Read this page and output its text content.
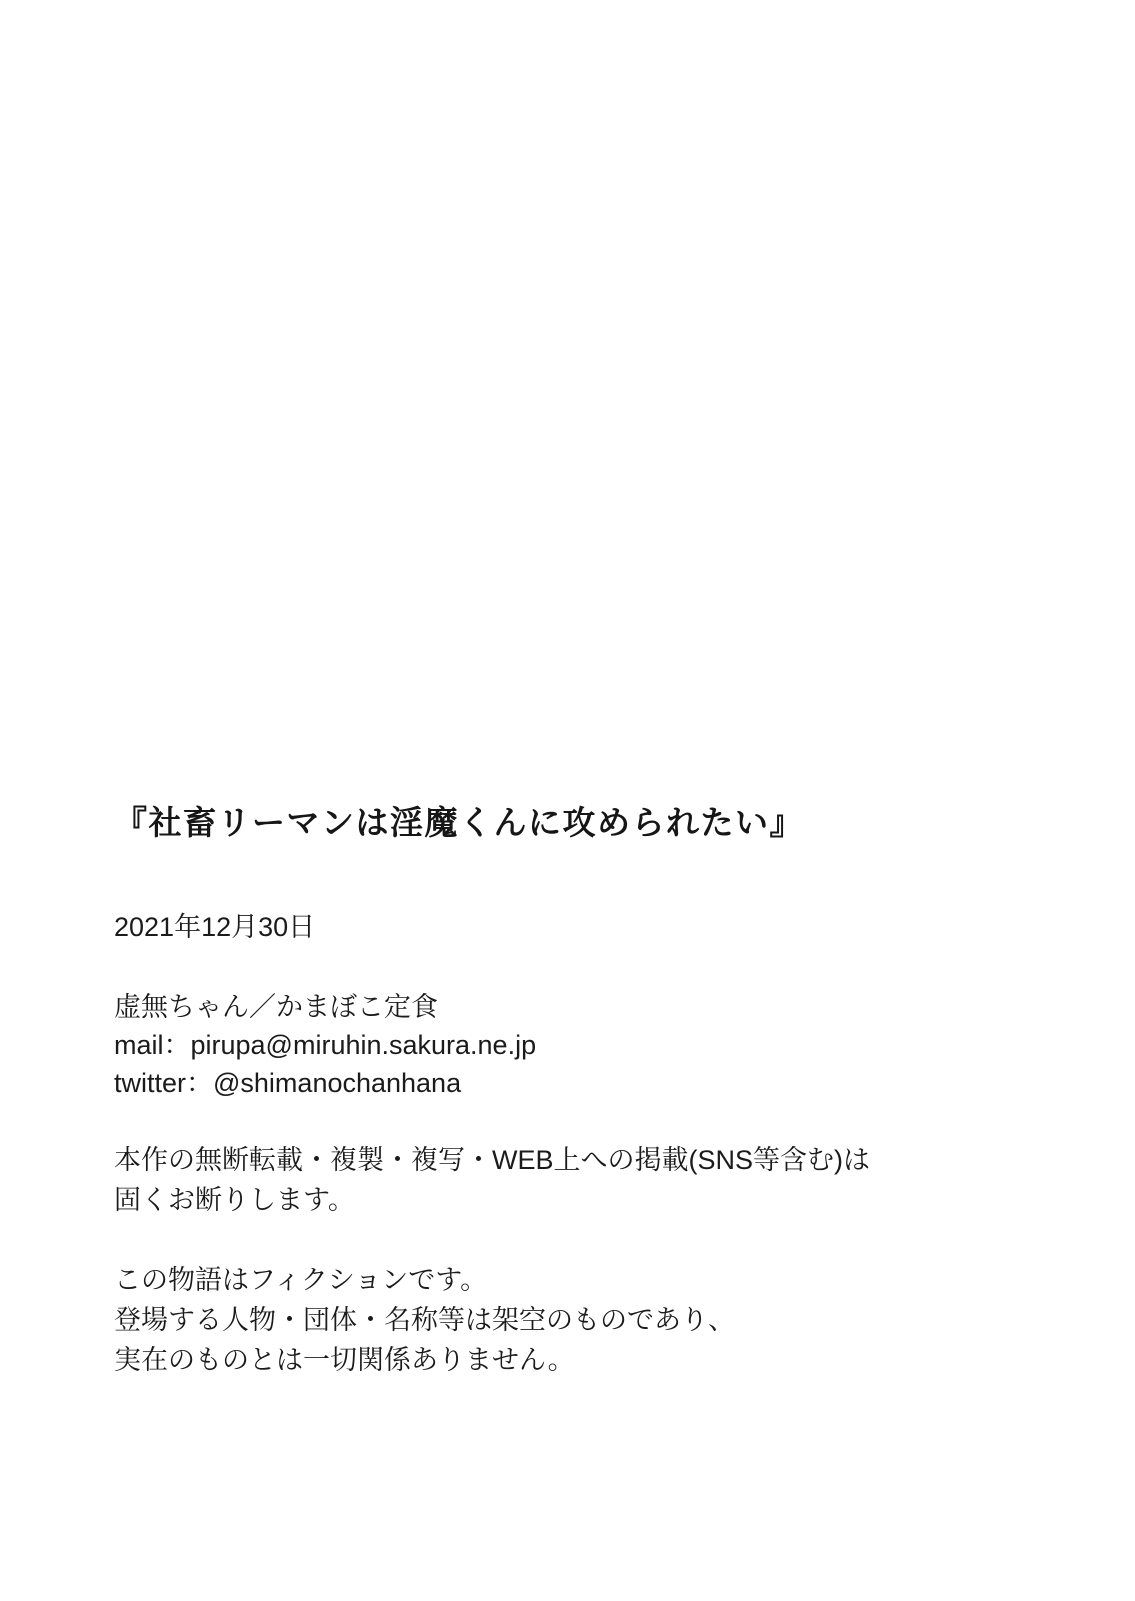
『社畜リーマンは淫魔くんに攻められたい』

2021年12月30日

虚無ちゃん／かまぼこ定食

mail：pirupa@miruhin.sakura.ne.jp

twitter：@shimanochanhana

本作の無断転載・複製・複写・WEB上への掲載(SNS等含む)は

固くお断りします。

この物語はフィクションです。

登場する人物・団体・名称等は架空のものであり、

実在のものとは一切関係ありません。
